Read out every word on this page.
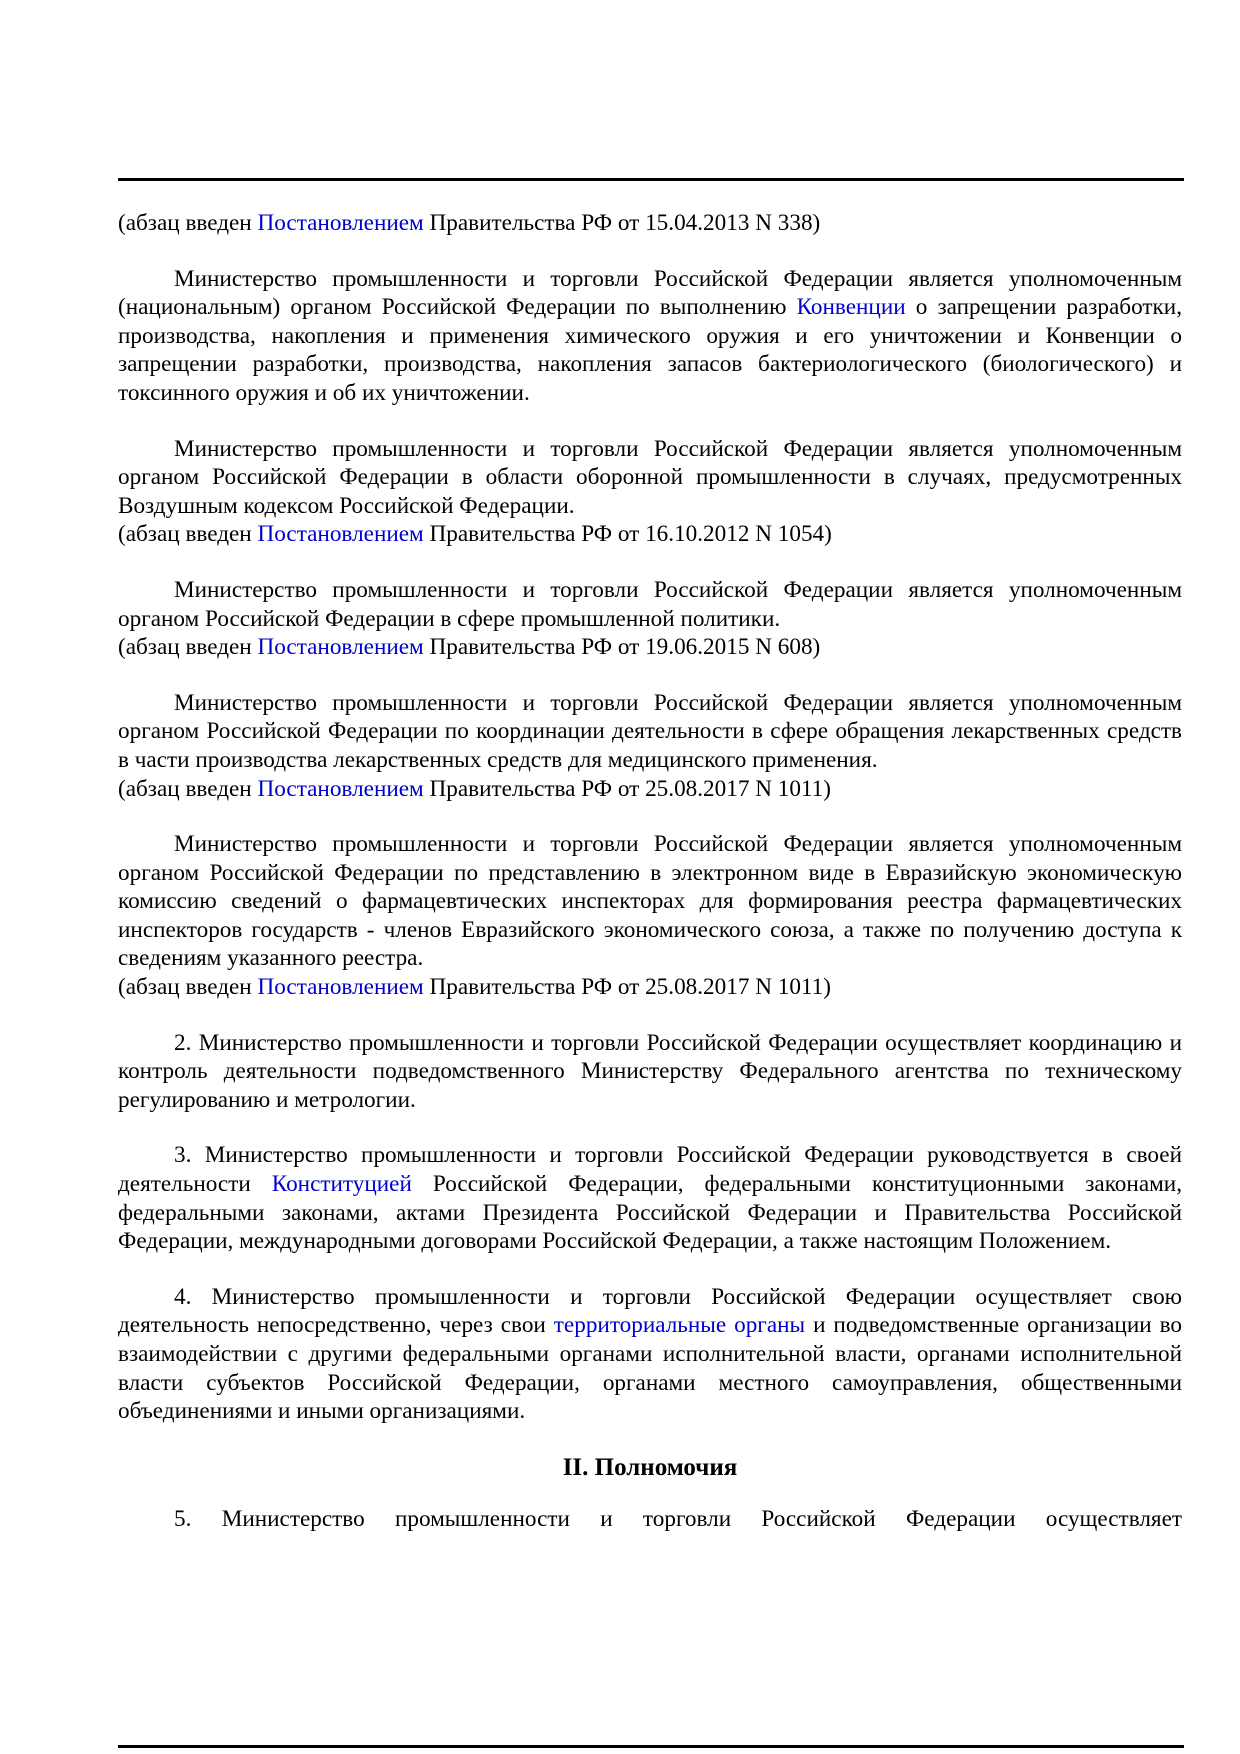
(абзац введен Постановлением Правительства РФ от 15.04.2013 N 338)

Министерство промышленности и торговли Российской Федерации является уполномоченным (национальным) органом Российской Федерации по выполнению Конвенции о запрещении разработки, производства, накопления и применения химического оружия и его уничтожении и Конвенции о запрещении разработки, производства, накопления запасов бактериологического (биологического) и токсинного оружия и об их уничтожении.

Министерство промышленности и торговли Российской Федерации является уполномоченным органом Российской Федерации в области оборонной промышленности в случаях, предусмотренных Воздушным кодексом Российской Федерации.

(абзац введен Постановлением Правительства РФ от 16.10.2012 N 1054)

Министерство промышленности и торговли Российской Федерации является уполномоченным органом Российской Федерации в сфере промышленной политики.

(абзац введен Постановлением Правительства РФ от 19.06.2015 N 608)

Министерство промышленности и торговли Российской Федерации является уполномоченным органом Российской Федерации по координации деятельности в сфере обращения лекарственных средств в части производства лекарственных средств для медицинского применения.

(абзац введен Постановлением Правительства РФ от 25.08.2017 N 1011)

Министерство промышленности и торговли Российской Федерации является уполномоченным органом Российской Федерации по представлению в электронном виде в Евразийскую экономическую комиссию сведений о фармацевтических инспекторах для формирования реестра фармацевтических инспекторов государств - членов Евразийского экономического союза, а также по получению доступа к сведениям указанного реестра.

(абзац введен Постановлением Правительства РФ от 25.08.2017 N 1011)

2. Министерство промышленности и торговли Российской Федерации осуществляет координацию и контроль деятельности подведомственного Министерству Федерального агентства по техническому регулированию и метрологии.

3. Министерство промышленности и торговли Российской Федерации руководствуется в своей деятельности Конституцией Российской Федерации, федеральными конституционными законами, федеральными законами, актами Президента Российской Федерации и Правительства Российской Федерации, международными договорами Российской Федерации, а также настоящим Положением.

4. Министерство промышленности и торговли Российской Федерации осуществляет свою деятельность непосредственно, через свои территориальные органы и подведомственные организации во взаимодействии с другими федеральными органами исполнительной власти, органами исполнительной власти субъектов Российской Федерации, органами местного самоуправления, общественными объединениями и иными организациями.

II. Полномочия

5. Министерство промышленности и торговли Российской Федерации осуществляет
